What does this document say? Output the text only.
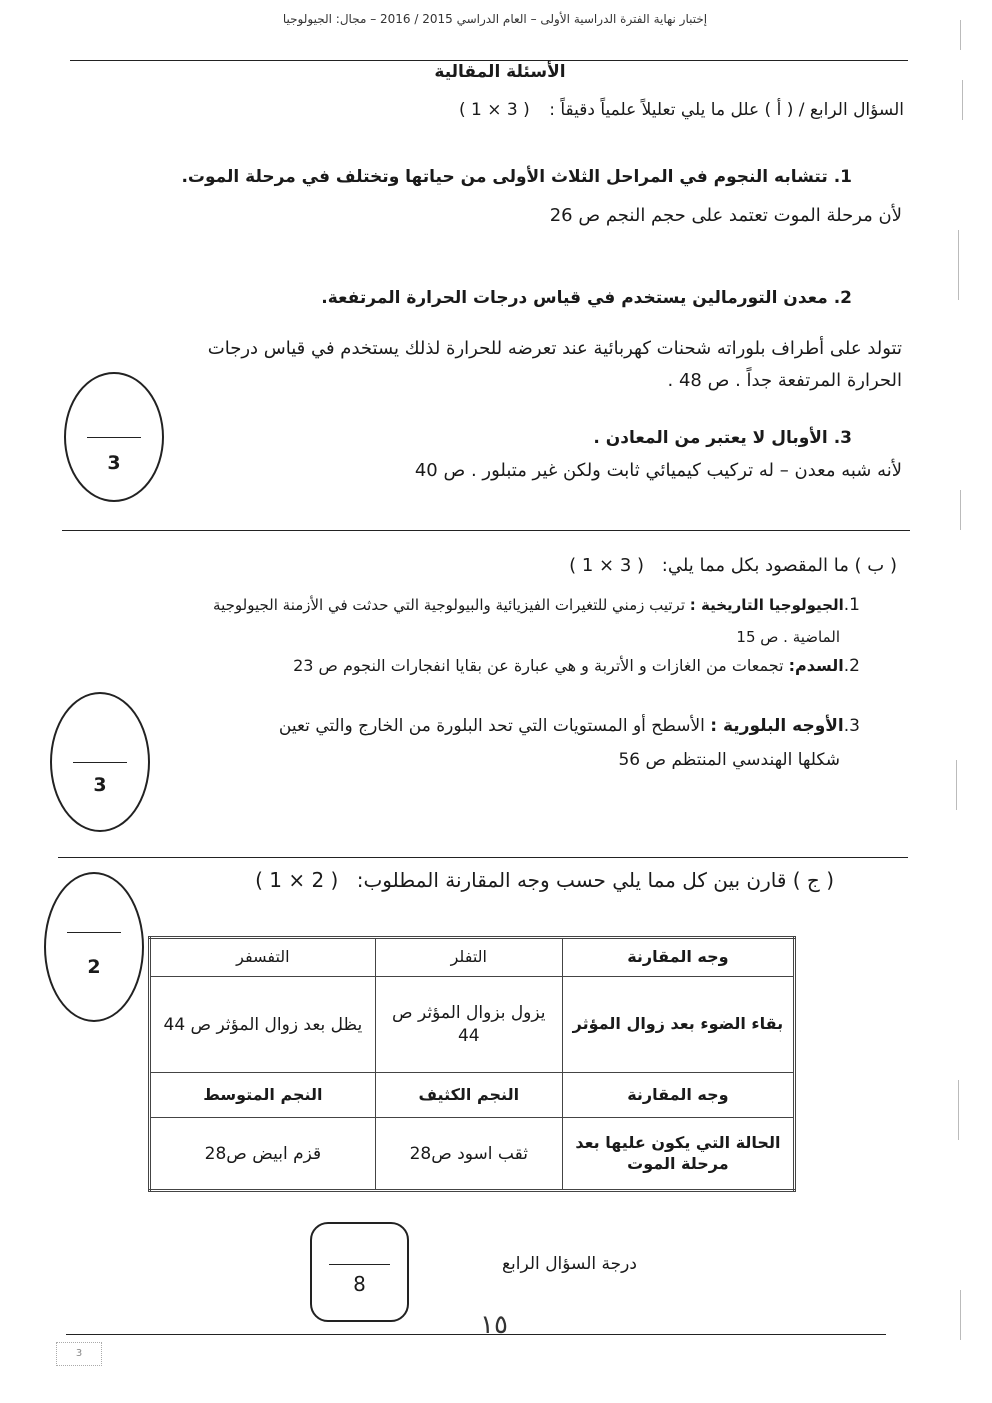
إختبار نهاية الفترة الدراسية الأولى – العام الدراسي 2015 / 2016 – مجال: الجيولوجيا
الأسئلة المقالية
السؤال الرابع / ( أ ) علل ما يلي تعليلاً علمياً دقيقاً : ( 3 × 1 )
1. تتشابه النجوم في المراحل الثلاث الأولى من حياتها وتختلف في مرحلة الموت.
لأن مرحلة الموت تعتمد على حجم النجم ص 26
2. معدن التورمالين يستخدم في قياس درجات الحرارة المرتفعة.
تتولد على أطراف بلوراته شحنات كهربائية عند تعرضه للحرارة لذلك يستخدم في قياس درجات
الحرارة المرتفعة جداً . ص 48 .
3. الأوبال لا يعتبر من المعادن .
لأنه شبه معدن – له تركيب كيميائي ثابت ولكن غير متبلور . ص 40
3
( ب ) ما المقصود بكل مما يلي: ( 3 × 1 )
1.الجيولوجيا التاريخية : ترتيب زمني للتغيرات الفيزيائية والبيولوجية التي حدثت في الأزمنة الجيولوجية
الماضية . ص 15
2.السدم: تجمعات من الغازات و الأتربة و هي عبارة عن بقايا انفجارات النجوم ص 23
3.الأوجه البلورية : الأسطح أو المستويات التي تحد البلورة من الخارج والتي تعين
شكلها الهندسي المنتظم ص 56
3
( ج ) قارن بين كل مما يلي حسب وجه المقارنة المطلوب: ( 2 × 1 )
2	وجه المقارنة	التفلر	التفسفر
بقاء الضوء بعد زوال المؤثر	يزول بزوال المؤثر ص 44	يظل بعد زوال المؤثر ص 44
وجه المقارنة	النجم الكثيف	النجم المتوسط
الحالة التي يكون عليها بعد مرحلة الموت	ثقب اسود ص28	قزم ابيض ص28
درجة السؤال الرابع
8
١٥
3
